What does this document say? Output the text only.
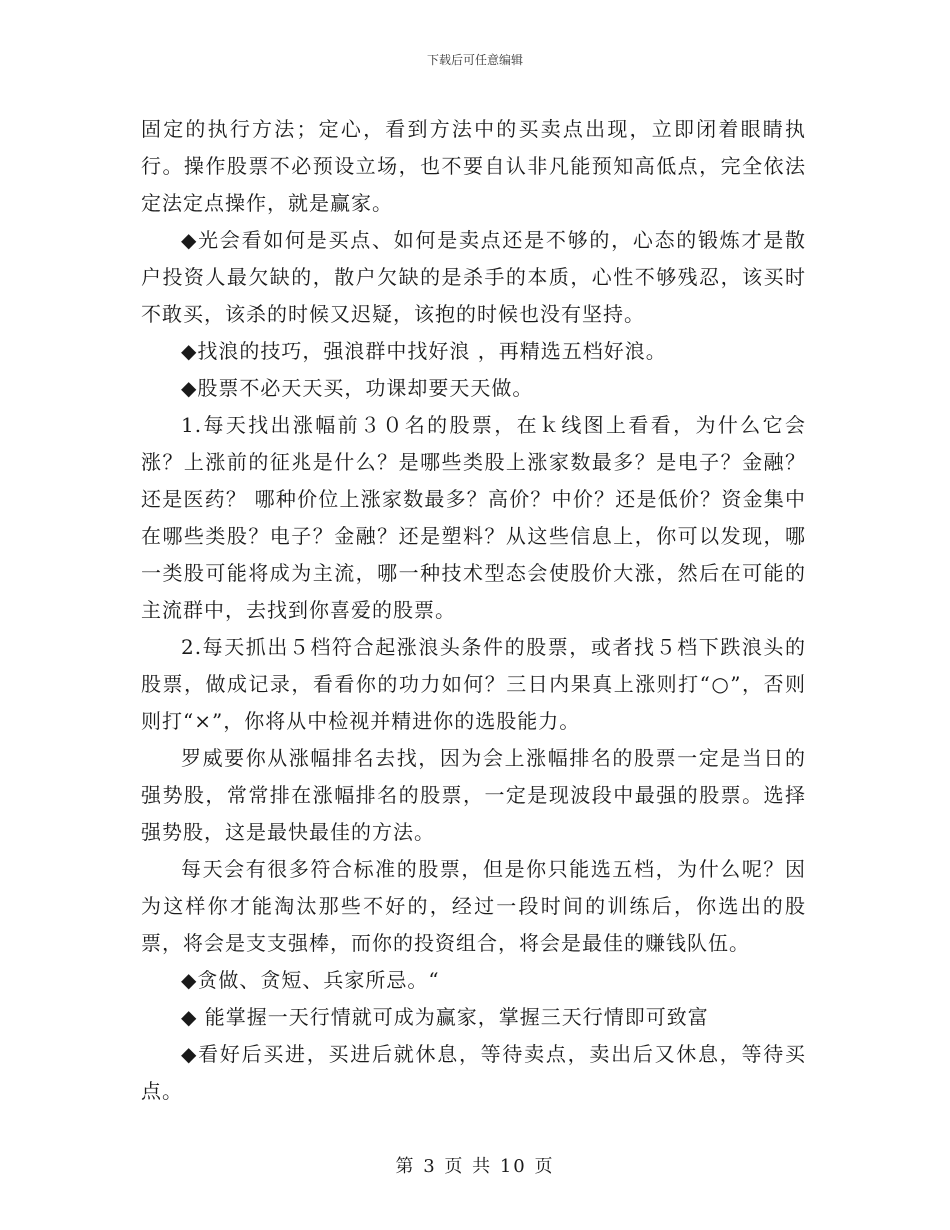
下载后可任意编辑

固定的执行方法；定心，看到方法中的买卖点出现，立即闭着眼睛执行。操作股票不必预设立场，也不要自认非凡能预知高低点，完全依法定法定点操作，就是赢家。

◆光会看如何是买点、如何是卖点还是不够的，心态的锻炼才是散户投资人最欠缺的，散户欠缺的是杀手的本质，心性不够残忍，该买时不敢买，该杀的时候又迟疑，该抱的时候也没有坚持。

◆找浪的技巧，强浪群中找好浪 ，再精选五档好浪。

◆股票不必天天买，功课却要天天做。

1.每天找出涨幅前３０名的股票，在ｋ线图上看看，为什么它会涨？上涨前的征兆是什么？是哪些类股上涨家数最多？是电子？金融？还是医药？ 哪种价位上涨家数最多？高价？中价？还是低价？资金集中在哪些类股？电子？金融？还是塑料？从这些信息上，你可以发现，哪一类股可能将成为主流，哪一种技术型态会使股价大涨，然后在可能的主流群中，去找到你喜爱的股票。

2.每天抓出５档符合起涨浪头条件的股票，或者找５档下跌浪头的股票，做成记录，看看你的功力如何？三日内果真上涨则打“○”，否则则打“×”，你将从中检视并精进你的选股能力。

罗威要你从涨幅排名去找，因为会上涨幅排名的股票一定是当日的强势股，常常排在涨幅排名的股票，一定是现波段中最强的股票。选择强势股，这是最快最佳的方法。

每天会有很多符合标准的股票，但是你只能选五档，为什么呢？因为这样你才能淘汰那些不好的，经过一段时间的训练后，你选出的股票，将会是支支强棒，而你的投资组合，将会是最佳的赚钱队伍。

◆贪做、贪短、兵家所忌。“

◆ 能掌握一天行情就可成为赢家，掌握三天行情即可致富

◆看好后买进，买进后就休息，等待卖点，卖出后又休息，等待买点。

第 3 页 共 10 页
